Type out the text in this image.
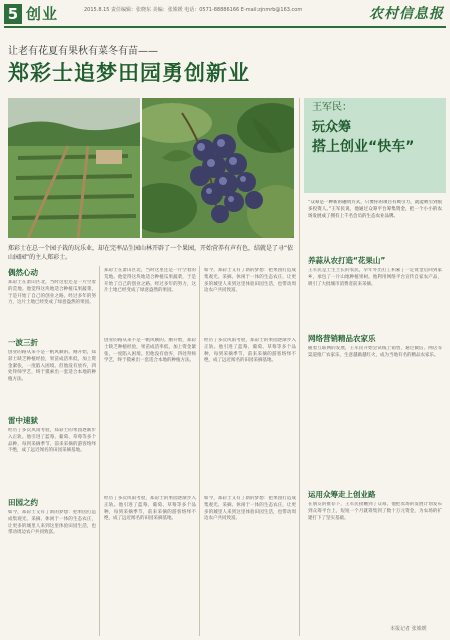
5 创业	2015.8.15 责任编辑：张晓东 美编：张姝媛 电话：0571-88886166 E-mail:zjnmrb@163.com	农村信息报
让老有花夏有果秋有菜冬有苗——
郑彩士追梦田园勇创新业
郑彩士在总一个园子栽的玩乐业，却在完率品生园山林开辟了一个果园，开始营养有声有色，结就是了寻“依山园园”的主人郑彩士。
偶然心动
郑彩士在萧山区北，当时这里还是一片空着的荒地。他觉得这块地适合种植瓜果蔬菜，于是开始了自己的创业之路。经过多年的努力，这片土地已经变成了绿意盎然的果园。
郑彩士在萧山区北，当时这里还是一片空着的荒地。他觉得这块地适合种植瓜果蔬菜，于是开始了自己的创业之路。经过多年的努力，这片土地已经变成了绿意盎然的果园。
如今，郑彩士又有了新的梦想：把果园打造成集观光、采摘、休闲于一体的生态农庄，让更多的城里人来到这里体验田园生活，也带动周边农户共同致富。
一波三折
创业的路从来不是一帆风顺的。刚开始，郑彩士缺乏种植经验，果苗成活率低，加上资金紧张，一度陷入困境。但他没有放弃，四处拜师学艺，终于摸索出一套适合本地的种植方法。
创业的路从来不是一帆风顺的。刚开始，郑彩士缺乏种植经验，果苗成活率低，加上资金紧张，一度陷入困境。但他没有放弃，四处拜师学艺，终于摸索出一套适合本地的种植方法。
经历了多次风雨考验，郑彩士的果园逐渐步入正轨。他引进了蓝莓、葡萄、草莓等多个品种，每到采摘季节，前来采摘的游客络绎不绝，成了远近闻名的田园采摘基地。
雷中速狱
经历了多次风雨考验，郑彩士的果园逐渐步入正轨。他引进了蓝莓、葡萄、草莓等多个品种，每到采摘季节，前来采摘的游客络绎不绝，成了远近闻名的田园采摘基地。
田园之约
如今，郑彩士又有了新的梦想：把果园打造成集观光、采摘、休闲于一体的生态农庄，让更多的城里人来到这里体验田园生活，也带动周边农户共同致富。
经历了多次风雨考验，郑彩士的果园逐渐步入正轨。他引进了蓝莓、葡萄、草莓等多个品种，每到采摘季节，前来采摘的游客络绎不绝，成了远近闻名的田园采摘基地。
如今，郑彩士又有了新的梦想：把果园打造成集观光、采摘、休闲于一体的生态农庄，让更多的城里人来到这里体验田园生活，也带动周边农户共同致富。
王军民：
玩众筹
搭上创业“快车”
“众筹是一种新的融资方式，只要你的项目有吸引力，就能吸引到很多投资人。”王军民说，他通过众筹平台筹集资金，把一个小小的农场发展成了拥有上千名会员的生态农业品牌。
养蒜从农打造“花果山”
王军民是土生土长的农民，早年外出打工积累了一定资金后回到家乡，承包了一片山地种植果树。他利用网络平台宣传自家农产品，吸引了大批城市消费者前来采摘。
网络营销精品农家乐
随着互联网的发展，王军民开始尝试线上销售，通过微信、网店等渠道推广农家乐，生意越做越红火，成为当地有名的精品农家乐。
运用众筹走上创业路
在朋友的推荐下，王军民接触到了众筹。他把农场的发展计划发布到众筹平台上，短短一个月就筹集到了数十万元资金，为农场的扩建打下了坚实基础。
本报记者 张姝媛
